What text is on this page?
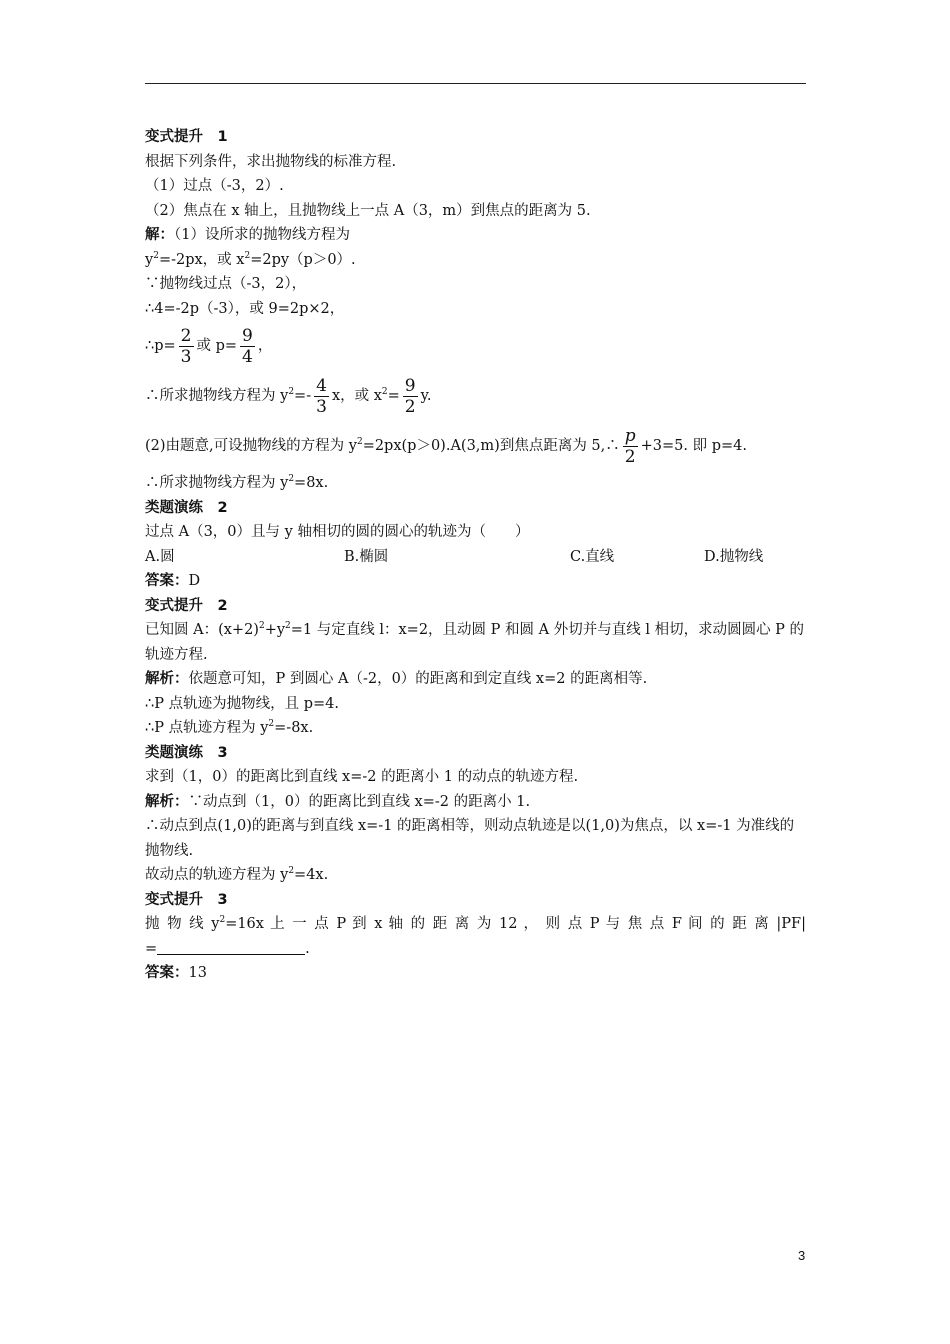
变式提升　1
根据下列条件，求出抛物线的标准方程.
（1）过点（-3，2）.
（2）焦点在 x 轴上，且抛物线上一点 A（3，m）到焦点的距离为 5.
解：（1）设所求的抛物线方程为
$y^2=-2px$，或 $x^2=2py(p>0)$.
∵抛物线过点（-3，2），
∴4=-2p（-3），或 9=2p×2，
∴p= $\frac{2}{3}$ 或 $p= \frac{9}{4}$ ，
∴所求抛物线方程为 $y^2=- \frac{4}{3}$ x，或 $x^2= \frac{9}{2} y$.
(2)由题意,可设抛物线的方程为 $y^2=2px(p>0).A(3,m)$到焦点距离为 5,∴ $\frac{p}{2} +3=5$. 即 p=4.
∴所求抛物线方程为 $y^2=8x$.
类题演练　2
过点 A（3，0）且与 y 轴相切的圆的圆心的轨迹为（　　）
A.圆	B.椭圆	C.直线	D.抛物线
答案：D
变式提升　2
已知圆 A：$(x+2)^2+y^2=1$ 与定直线 l：x=2，且动圆 P 和圆 A 外切并与直线 l 相切，求动圆圆心 P 的轨迹方程.
解析：依题意可知，P 到圆心 A（-2，0）的距离和到定直线 x=2 的距离相等.
∴P 点轨迹为抛物线，且 p=4.
∴P 点轨迹方程为 $y^2=-8x$.
类题演练　3
求到（1，0）的距离比到直线 x=-2 的距离小 1 的动点的轨迹方程.
解析：∵动点到（1，0）的距离比到直线 x=-2 的距离小 1.
∴动点到点(1,0)的距离与到直线 x=-1 的距离相等，则动点轨迹是以(1,0)为焦点，以 x=-1 为准线的抛物线.
故动点的轨迹方程为 $y^2=4x$.
变式提升　3
抛 物 线 $y^2=16x$ 上 一 点 P 到 x 轴 的 距 离 为 12 ， 则 点 P 与 焦 点 F 间 的 距 离 |PF|
=	.
答案：13
3
